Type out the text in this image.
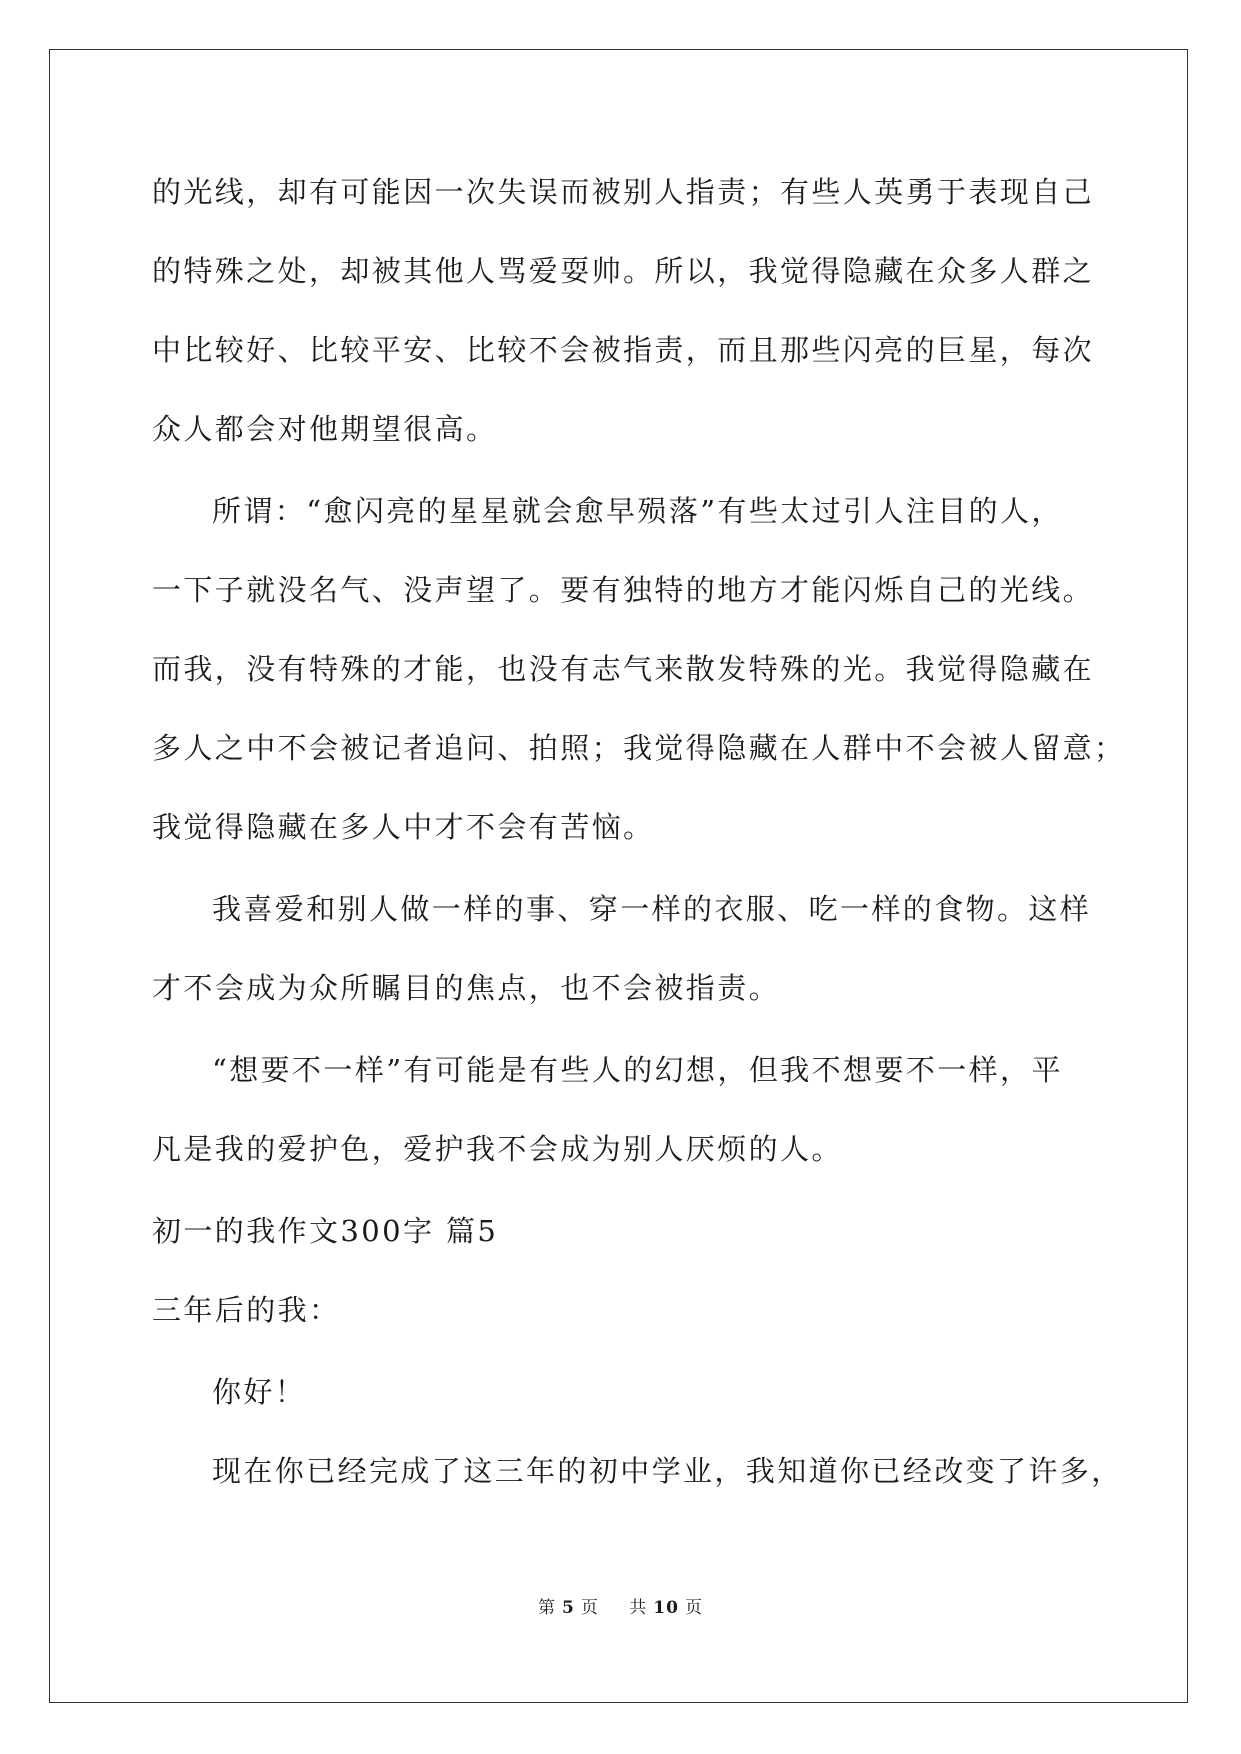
的光线，却有可能因一次失误而被别人指责；有些人英勇于表现自己
的特殊之处，却被其他人骂爱耍帅。所以，我觉得隐藏在众多人群之
中比较好、比较平安、比较不会被指责，而且那些闪亮的巨星，每次
众人都会对他期望很高。
所谓：“愈闪亮的星星就会愈早殒落”有些太过引人注目的人，
一下子就没名气、没声望了。要有独特的地方才能闪烁自己的光线。
而我，没有特殊的才能，也没有志气来散发特殊的光。我觉得隐藏在
多人之中不会被记者追问、拍照；我觉得隐藏在人群中不会被人留意；
我觉得隐藏在多人中才不会有苦恼。
我喜爱和别人做一样的事、穿一样的衣服、吃一样的食物。这样
才不会成为众所瞩目的焦点，也不会被指责。
“想要不一样”有可能是有些人的幻想，但我不想要不一样，平
凡是我的爱护色，爱护我不会成为别人厌烦的人。
初一的我作文300字 篇5
三年后的我：
你好！
现在你已经完成了这三年的初中学业，我知道你已经改变了许多，
第 5 页 共 10 页
